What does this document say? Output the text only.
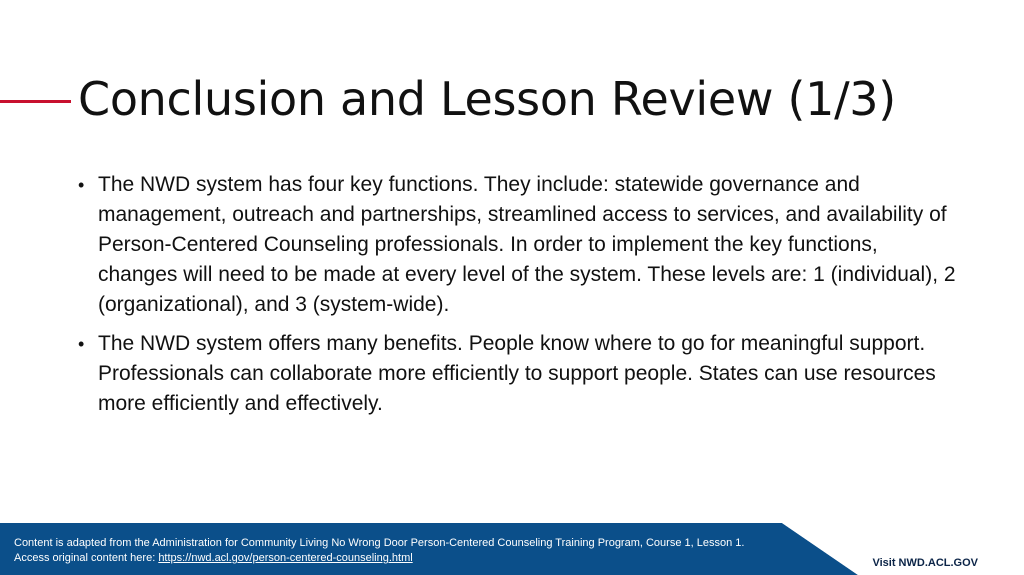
Conclusion and Lesson Review (1/3)
• The NWD system has four key functions. They include: statewide governance and management, outreach and partnerships, streamlined access to services, and availability of Person-Centered Counseling professionals. In order to implement the key functions, changes will need to be made at every level of the system. These levels are: 1 (individual), 2 (organizational), and 3 (system-wide).
• The NWD system offers many benefits. People know where to go for meaningful support. Professionals can collaborate more efficiently to support people. States can use resources more efficiently and effectively.
Content is adapted from the Administration for Community Living No Wrong Door Person-Centered Counseling Training Program, Course 1, Lesson 1.
Access original content here: https://nwd.acl.gov/person-centered-counseling.html	Visit NWD.ACL.GOV
